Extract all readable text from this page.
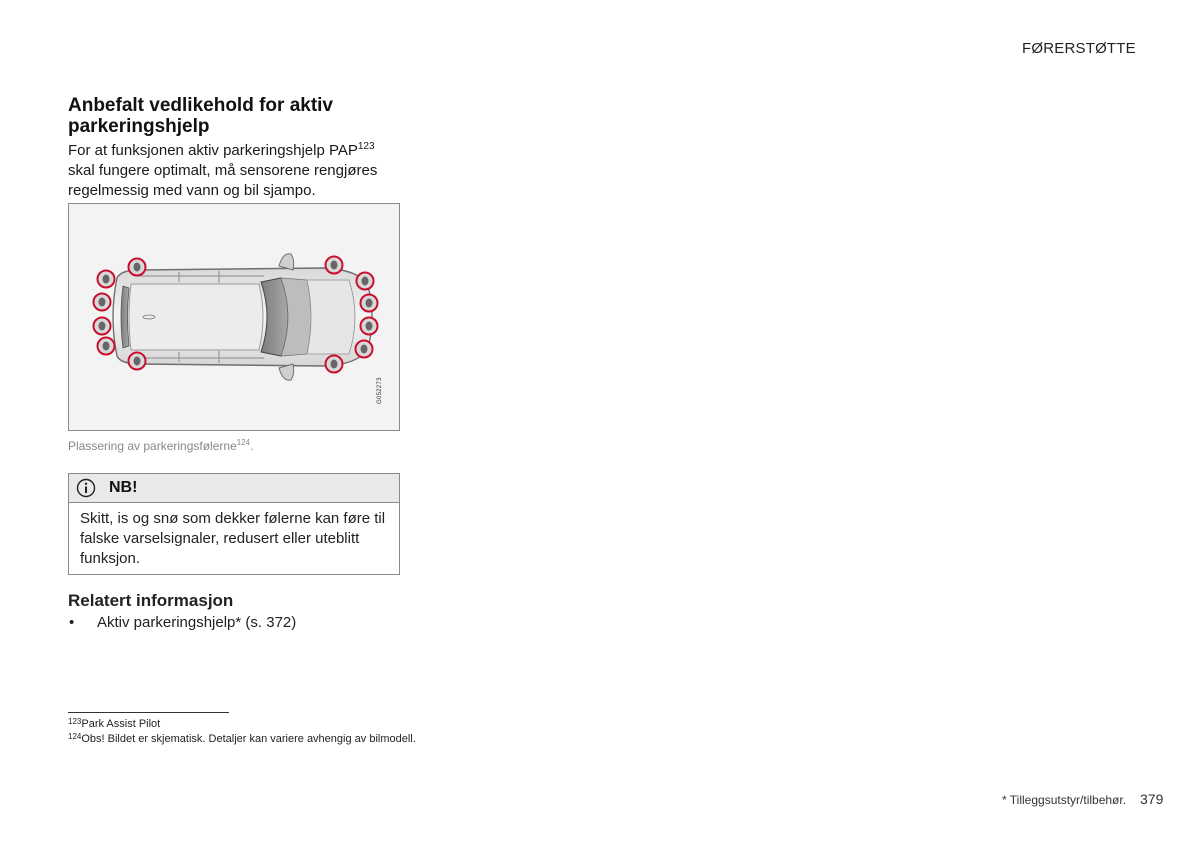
FØRERSTØTTE
Anbefalt vedlikehold for aktiv parkeringshjelp

For at funksjonen aktiv parkeringshjelp PAP$^{123}$ skal fungere optimalt, må sensorene rengjøres regelmessig med vann og bil sjampo.

G052273

Plassering av parkeringsfølerne$^{124}$.

NB!

Skitt, is og snø som dekker følerne kan føre til falske varselsignaler, redusert eller uteblitt funksjon.

Relatert informasjon
• Aktiv parkeringshjelp* (s. 372)
$^{123}$Park Assist Pilot
$^{124}$Obs! Bildet er skjematisk. Detaljer kan variere avhengig av bilmodell.
* Tilleggsutstyr/tilbehør. 379
